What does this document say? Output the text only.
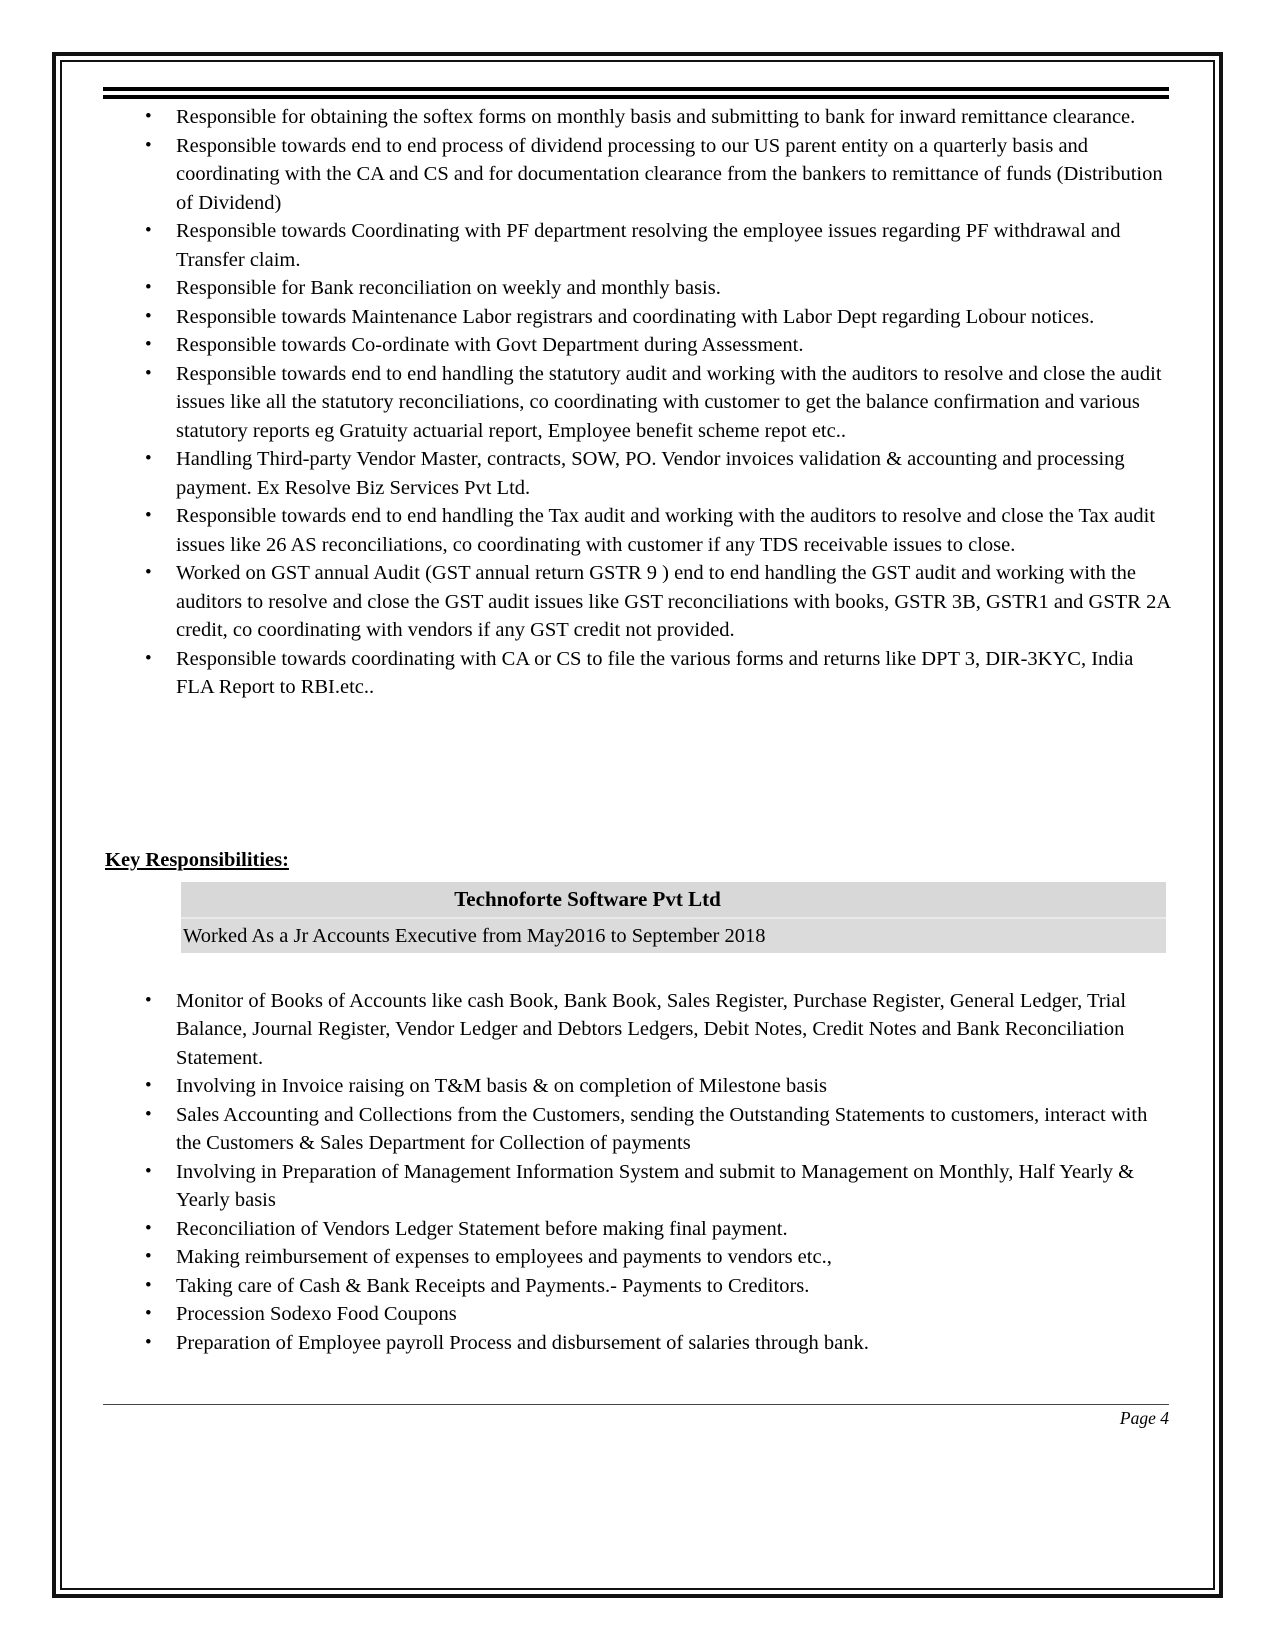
• Responsible for obtaining the softex forms on monthly basis and submitting to bank for inward remittance clearance.
• Responsible towards end to end process of dividend processing to our US parent entity on a quarterly basis and coordinating with the CA and CS and for documentation clearance from the bankers to remittance of funds (Distribution of Dividend)
• Responsible towards Coordinating with PF department resolving the employee issues regarding PF withdrawal and Transfer claim.
• Responsible for Bank reconciliation on weekly and monthly basis.
• Responsible towards Maintenance Labor registrars and coordinating with Labor Dept regarding Lobour notices.
• Responsible towards Co-ordinate with Govt Department during Assessment.
• Responsible towards end to end handling the statutory audit and working with the auditors to resolve and close the audit issues like all the statutory reconciliations, co coordinating with customer to get the balance confirmation and various statutory reports eg Gratuity actuarial report, Employee benefit scheme repot etc..
• Handling Third-party Vendor Master, contracts, SOW, PO. Vendor invoices validation & accounting and processing payment. Ex Resolve Biz Services Pvt Ltd.
• Responsible towards end to end handling the Tax audit and working with the auditors to resolve and close the Tax audit issues like 26 AS reconciliations, co coordinating with customer if any TDS receivable issues to close.
• Worked on GST annual Audit (GST annual return GSTR 9 ) end to end handling the GST audit and working with the auditors to resolve and close the GST audit issues like GST reconciliations with books, GSTR 3B, GSTR1 and GSTR 2A credit, co coordinating with vendors if any GST credit not provided.
• Responsible towards coordinating with CA or CS to file the various forms and returns like DPT 3, DIR-3KYC, India FLA Report to RBI.etc..
Key Responsibilities:
Technoforte Software Pvt Ltd
Worked As a Jr Accounts Executive from May2016 to September 2018
• Monitor of Books of Accounts like cash Book, Bank Book, Sales Register, Purchase Register, General Ledger, Trial Balance, Journal Register, Vendor Ledger and Debtors Ledgers, Debit Notes, Credit Notes and Bank Reconciliation Statement.
• Involving in Invoice raising on T&M basis & on completion of Milestone basis
• Sales Accounting and Collections from the Customers, sending the Outstanding Statements to customers, interact with the Customers & Sales Department for Collection of payments
• Involving in Preparation of Management Information System and submit to Management on Monthly, Half Yearly & Yearly basis
• Reconciliation of Vendors Ledger Statement before making final payment.
• Making reimbursement of expenses to employees and payments to vendors etc.,
• Taking care of Cash & Bank Receipts and Payments.- Payments to Creditors.
• Procession Sodexo Food Coupons
• Preparation of Employee payroll Process and disbursement of salaries through bank.
Page 4
